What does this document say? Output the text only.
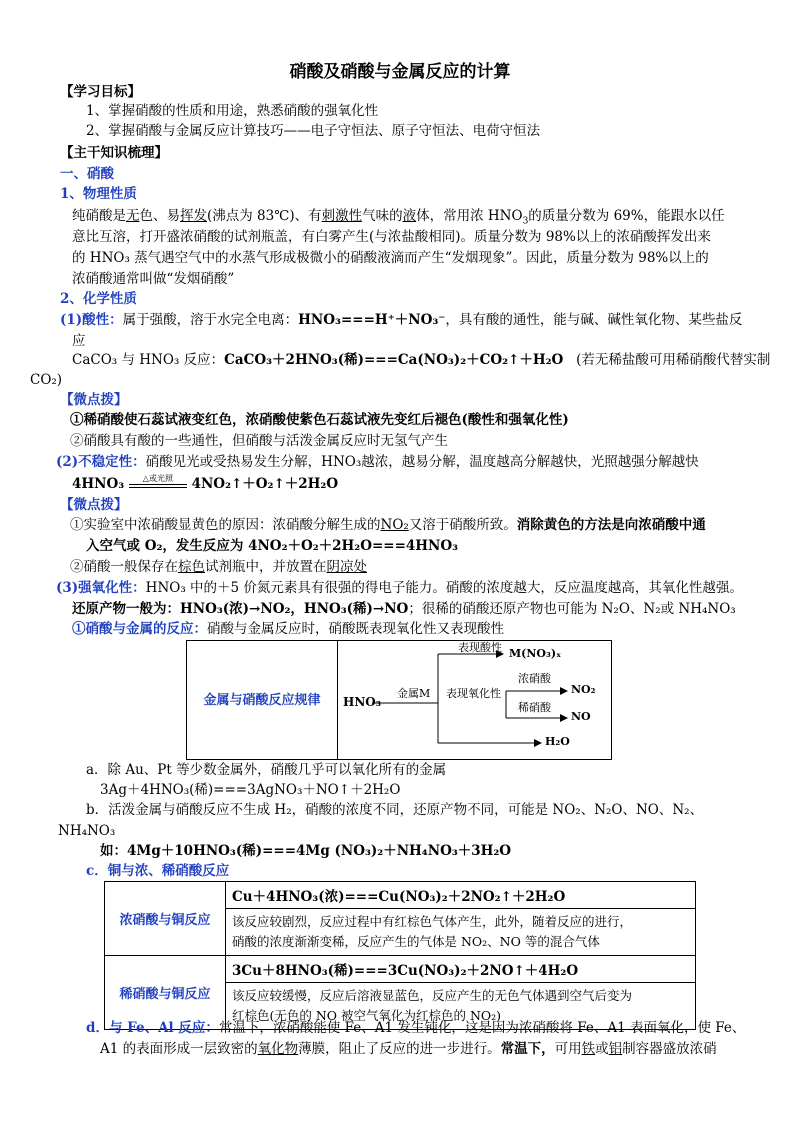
硝酸及硝酸与金属反应的计算
【学习目标】
1、掌握硝酸的性质和用途，熟悉硝酸的强氧化性
2、掌握硝酸与金属反应计算技巧——电子守恒法、原子守恒法、电荷守恒法
【主干知识梳理】
一、硝酸
1、物理性质
纯硝酸是无色、易挥发(沸点为 83℃)、有刺激性气味的液体，常用浓 $HNO_3$的质量分数为 69%，能跟水以任
意比互溶，打开盛浓硝酸的试剂瓶盖，有白雾产生(与浓盐酸相同)。质量分数为 98%以上的浓硝酸挥发出来
的 HNO₃ 蒸气遇空气中的水蒸气形成极微小的硝酸液滴而产生“发烟现象”。因此，质量分数为 98%以上的
浓硝酸通常叫做“发烟硝酸”
2、化学性质
(1)酸性：属于强酸，溶于水完全电离：HNO₃===H⁺＋NO₃⁻，具有酸的通性，能与碱、碱性氧化物、某些盐反
应
CaCO₃ 与 HNO₃ 反应：CaCO₃＋2HNO₃(稀)===Ca(NO₃)₂＋CO₂↑＋H₂O (若无稀盐酸可用稀硝酸代替实制
CO₂)
【微点拨】
①稀硝酸使石蕊试液变红色，浓硝酸使紫色石蕊试液先变红后褪色(酸性和强氧化性)
②硝酸具有酸的一些通性，但硝酸与活泼金属反应时无氢气产生
(2)不稳定性：硝酸见光或受热易发生分解，HNO₃越浓，越易分解，温度越高分解越快，光照越强分解越快
4HNO₃	△或光照	4NO₂↑＋O₂↑＋2H₂O
【微点拨】
①实验室中浓硝酸显黄色的原因：浓硝酸分解生成的NO₂又溶于硝酸所致。消除黄色的方法是向浓硝酸中通
入空气或 O₂，发生反应为 4NO₂＋O₂＋2H₂O===4HNO₃
②硝酸一般保存在棕色试剂瓶中，并放置在阴凉处
(3)强氧化性：HNO₃ 中的＋5 价氮元素具有很强的得电子能力。硝酸的浓度越大，反应温度越高，其氧化性越强。
还原产物一般为：HNO₃(浓)→NO₂，HNO₃(稀)→NO；很稀的硝酸还原产物也可能为 N₂O、N₂或 NH₄NO₃
①硝酸与金属的反应：硝酸与金属反应时，硝酸既表现氧化性又表现酸性
金属与硝酸反应规律	HNO₃
金属M
表现酸性
表现氧化性
M(NO₃)ₓ
浓硝酸
NO₂
稀硝酸
NO
H₂O
a．除 Au、Pt 等少数金属外，硝酸几乎可以氧化所有的金属
3Ag＋4HNO₃(稀)===3AgNO₃＋NO↑＋2H₂O
b．活泼金属与硝酸反应不生成 H₂，硝酸的浓度不同，还原产物不同，可能是 NO₂、N₂O、NO、N₂、
NH₄NO₃
如：4Mg＋10HNO₃(稀)===4Mg (NO₃)₂＋NH₄NO₃＋3H₂O
c．铜与浓、稀硝酸反应
浓硝酸与铜反应	Cu＋4HNO₃(浓)===Cu(NO₃)₂＋2NO₂↑＋2H₂O

	该反应较剧烈，反应过程中有红棕色气体产生，此外，随着反应的进行，
硝酸的浓度渐渐变稀，反应产生的气体是 NO₂、NO 等的混合气体

稀硝酸与铜反应	3Cu＋8HNO₃(稀)===3Cu(NO₃)₂＋2NO↑＋4H₂O

	该反应较缓慢，反应后溶液显蓝色，反应产生的无色气体遇到空气后变为
红棕色(无色的 NO 被空气氧化为红棕色的 NO₂)
d．与 Fe、Al 反应：常温下，浓硝酸能使 Fe、A1 发生钝化，这是因为浓硝酸将 Fe、A1 表面氧化，使 Fe、
A1 的表面形成一层致密的氧化物薄膜，阻止了反应的进一步进行。常温下，可用铁或铝制容器盛放浓硝
